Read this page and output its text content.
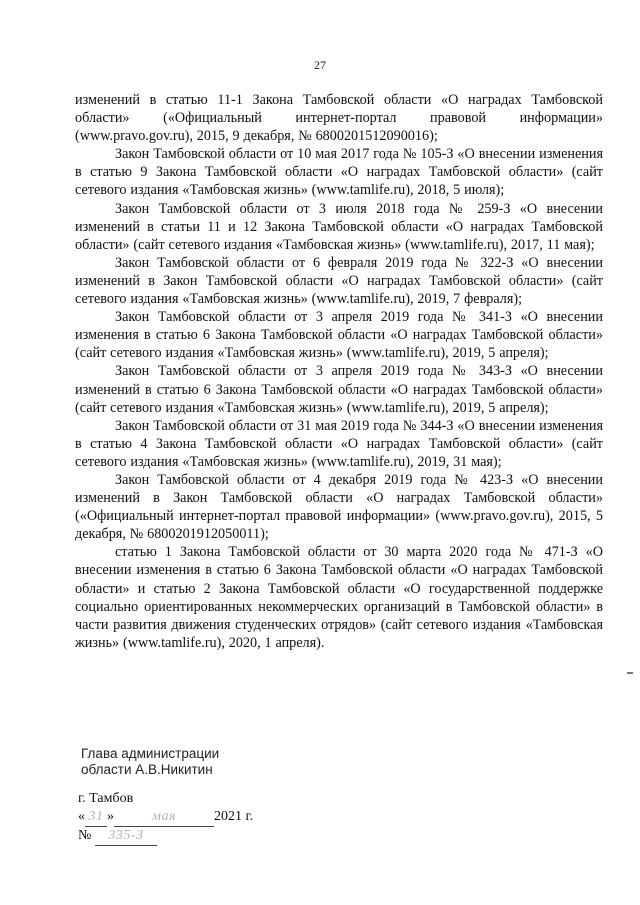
27

изменений в статью 11-1 Закона Тамбовской области «О наградах Тамбовской области» («Официальный интернет-портал правовой информации» (www.pravo.gov.ru), 2015, 9 декабря, № 6800201512090016);

Закон Тамбовской области от 10 мая 2017 года № 105-З «О внесении изменения в статью 9 Закона Тамбовской области «О наградах Тамбовской области» (сайт сетевого издания «Тамбовская жизнь» (www.tamlife.ru), 2018, 5 июля);

Закон Тамбовской области от 3 июля 2018 года № 259-З «О внесении изменений в статьи 11 и 12 Закона Тамбовской области «О наградах Тамбовской области» (сайт сетевого издания «Тамбовская жизнь» (www.tamlife.ru), 2017, 11 мая);

Закон Тамбовской области от 6 февраля 2019 года № 322-З «О внесении изменений в Закон Тамбовской области «О наградах Тамбовской области» (сайт сетевого издания «Тамбовская жизнь» (www.tamlife.ru), 2019, 7 февраля);

Закон Тамбовской области от 3 апреля 2019 года № 341-З «О внесении изменения в статью 6 Закона Тамбовской области «О наградах Тамбовской области» (сайт сетевого издания «Тамбовская жизнь» (www.tamlife.ru), 2019, 5 апреля);

Закон Тамбовской области от 3 апреля 2019 года № 343-З «О внесении изменений в статью 6 Закона Тамбовской области «О наградах Тамбовской области» (сайт сетевого издания «Тамбовская жизнь» (www.tamlife.ru), 2019, 5 апреля);

Закон Тамбовской области от 31 мая 2019 года № 344-З «О внесении изменения в статью 4 Закона Тамбовской области «О наградах Тамбовской области» (сайт сетевого издания «Тамбовская жизнь» (www.tamlife.ru), 2019, 31 мая);

Закон Тамбовской области от 4 декабря 2019 года № 423-З «О внесении изменений в Закон Тамбовской области «О наградах Тамбовской области» («Официальный интернет-портал правовой информации» (www.pravo.gov.ru), 2015, 5 декабря, № 6800201912050011);

статью 1 Закона Тамбовской области от 30 марта 2020 года № 471-З «О внесении изменения в статью 6 Закона Тамбовской области «О наградах Тамбовской области» и статью 2 Закона Тамбовской области «О государственной поддержке социально ориентированных некоммерческих организаций в Тамбовской области» в части развития движения студенческих отрядов» (сайт сетевого издания «Тамбовская жизнь» (www.tamlife.ru), 2020, 1 апреля).

Глава администрации
области А.В.Никитин
г. Тамбов
« 31 »	мая	2021 г.
№ 335-З
